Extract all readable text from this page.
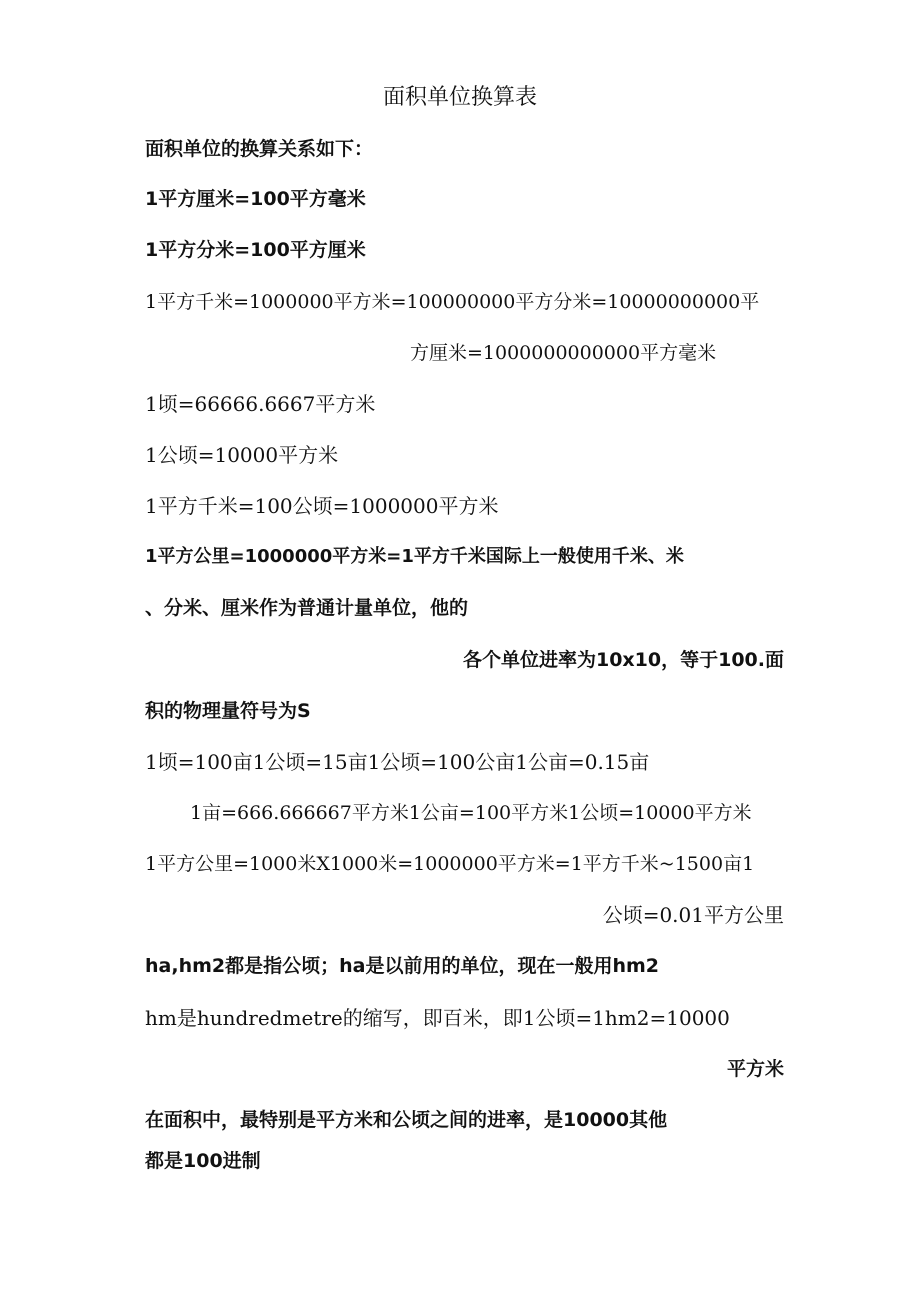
面积单位换算表
面积单位的换算关系如下：
1平方厘米=100平方毫米
1平方分米=100平方厘米
1平方千米=1000000平方米=100000000平方分米=10000000000平
方厘米=1000000000000平方毫米
1顷=66666.6667平方米
1公顷=10000平方米
1平方千米=100公顷=1000000平方米
1平方公里=1000000平方米=1平方千米国际上一般使用千米、米
、分米、厘米作为普通计量单位，他的
各个单位进率为10x10，等于100.面
积的物理量符号为S
1顷=100亩1公顷=15亩1公顷=100公亩1公亩=0.15亩
1亩=666.666667平方米1公亩=100平方米1公顷=10000平方米
1平方公里=1000米X1000米=1000000平方米=1平方千米~1500亩1
公顷=0.01平方公里
ha,hm2都是指公顷；ha是以前用的单位，现在一般用hm2
hm是hundredmetre的缩写，即百米，即1公顷=1hm2=10000
平方米
在面积中，最特别是平方米和公顷之间的进率，是10000其他
都是100进制
